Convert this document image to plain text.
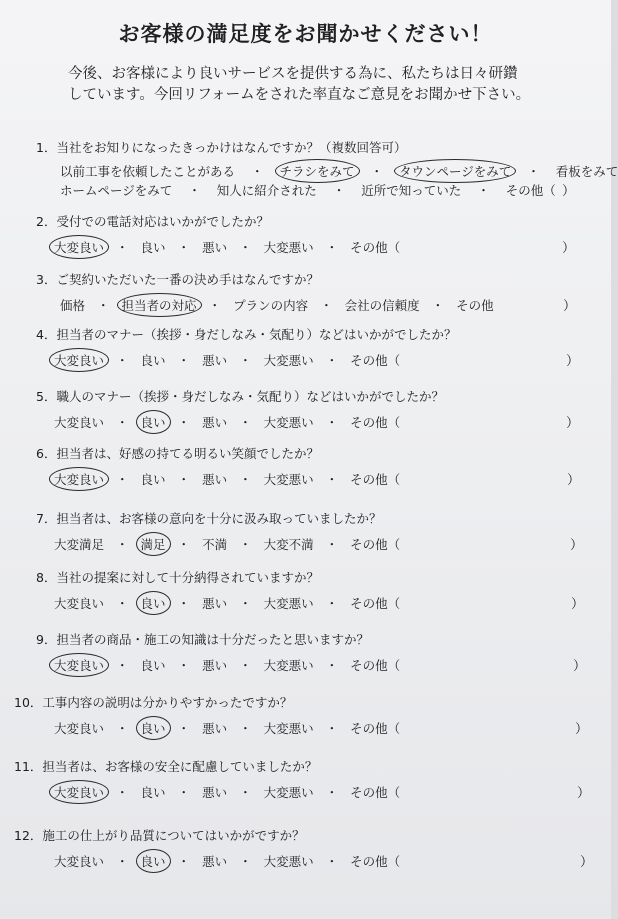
お客様の満足度をお聞かせください！
今後、お客様により良いサービスを提供する為に、私たちは日々研鑽
しています。今回リフォームをされた率直なご意見をお聞かせ下さい。
1．当社をお知りになったきっかけはなんですか？（複数回答可）
以前工事を依頼したことがある ・ チラシをみて ・ タウンページをみて ・ 看板をみて
ホームページをみて ・ 知人に紹介された ・ 近所で知っていた ・ その他（ ）
2．受付での電話対応はいかがでしたか？
大変良い ・ 良い ・ 悪い ・ 大変悪い ・ その他（	）
3．ご契約いただいた一番の決め手はなんですか？
価格 ・ 担当者の対応 ・ プランの内容 ・ 会社の信頼度 ・ その他	）
4．担当者のマナー（挨拶・身だしなみ・気配り）などはいかがでしたか？
大変良い ・ 良い ・ 悪い ・ 大変悪い ・ その他（	）
5．職人のマナー（挨拶・身だしなみ・気配り）などはいかがでしたか？
大変良い ・ 良い ・ 悪い ・ 大変悪い ・ その他（	）
6．担当者は、好感の持てる明るい笑顔でしたか？
大変良い ・ 良い ・ 悪い ・ 大変悪い ・ その他（	）
7．担当者は、お客様の意向を十分に汲み取っていましたか？
大変満足 ・ 満足 ・ 不満 ・ 大変不満 ・ その他（	）
8．当社の提案に対して十分納得されていますか？
大変良い ・ 良い ・ 悪い ・ 大変悪い ・ その他（	）
9．担当者の商品・施工の知識は十分だったと思いますか？
大変良い ・ 良い ・ 悪い ・ 大変悪い ・ その他（	）
10．工事内容の説明は分かりやすかったですか？
大変良い ・ 良い ・ 悪い ・ 大変悪い ・ その他（	）
11．担当者は、お客様の安全に配慮していましたか？
大変良い ・ 良い ・ 悪い ・ 大変悪い ・ その他（	）
12．施工の仕上がり品質についてはいかがですか？
大変良い ・ 良い ・ 悪い ・ 大変悪い ・ その他（	）
